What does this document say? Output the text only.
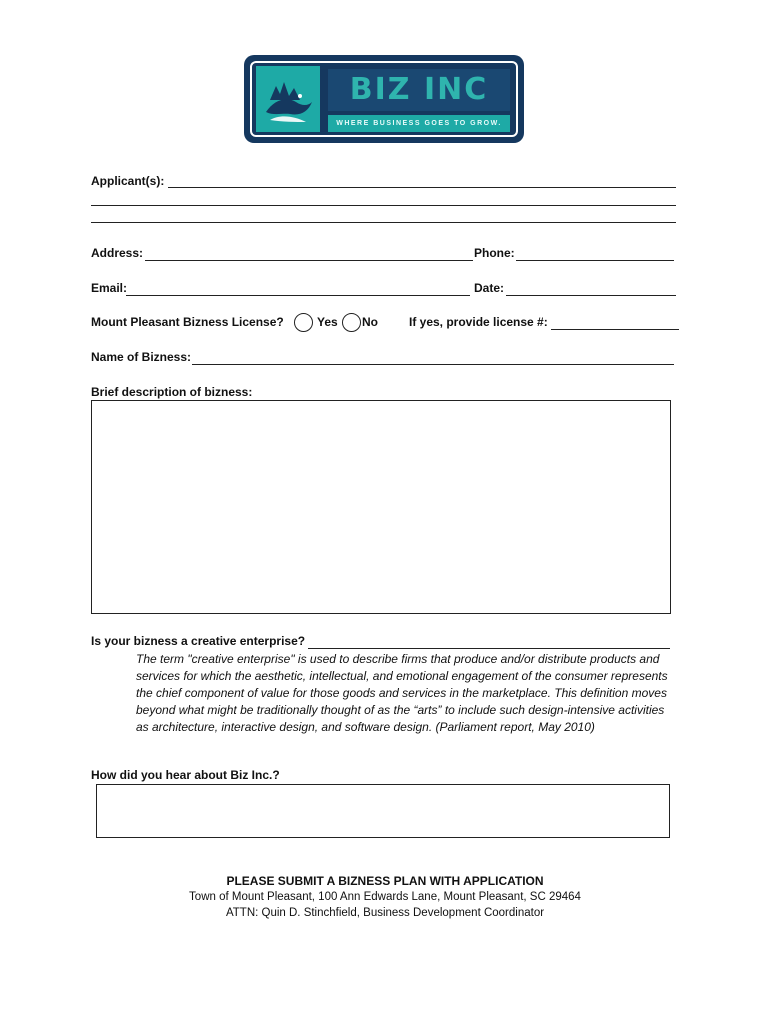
BIZ INC
WHERE BUSINESS GOES TO GROW.
Applicant(s):
Address:	Phone:
Email:	Date:
Mount Pleasant Bizness License?	Yes No	If yes, provide license #:
Name of Bizness:
Brief description of bizness:
Is your bizness a creative enterprise?
The term "creative enterprise" is used to describe firms that produce and/or distribute products and services for which the aesthetic, intellectual, and emotional engagement of the consumer represents the chief component of value for those goods and services in the marketplace. This definition moves beyond what might be traditionally thought of as the “arts” to include such design-intensive activities as architecture, interactive design, and software design. (Parliament report, May 2010)
How did you hear about Biz Inc.?
PLEASE SUBMIT A BIZNESS PLAN WITH APPLICATION
Town of Mount Pleasant, 100 Ann Edwards Lane, Mount Pleasant, SC 29464
ATTN: Quin D. Stinchfield, Business Development Coordinator
